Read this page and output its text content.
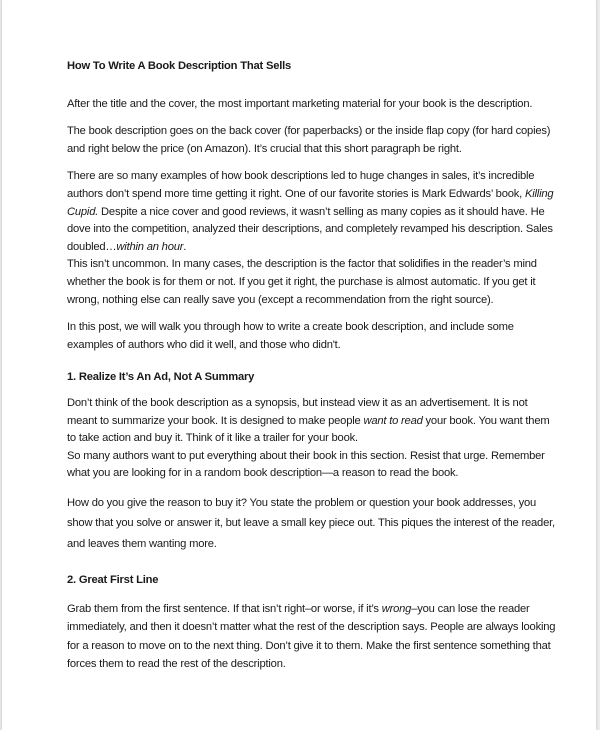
How To Write A Book Description That Sells

After the title and the cover, the most important marketing material for your book is the description.

The book description goes on the back cover (for paperbacks) or the inside flap copy (for hard copies) and right below the price (on Amazon). It’s crucial that this short paragraph be right.

There are so many examples of how book descriptions led to huge changes in sales, it’s incredible authors don’t spend more time getting it right. One of our favorite stories is Mark Edwards’ book, Killing Cupid. Despite a nice cover and good reviews, it wasn’t selling as many copies as it should have. He dove into the competition, analyzed their descriptions, and completely revamped his description. Sales doubled…within an hour.

This isn’t uncommon. In many cases, the description is the factor that solidifies in the reader’s mind whether the book is for them or not. If you get it right, the purchase is almost automatic. If you get it wrong, nothing else can really save you (except a recommendation from the right source).

In this post, we will walk you through how to write a create book description, and include some examples of authors who did it well, and those who didn't.

1. Realize It’s An Ad, Not A Summary

Don’t think of the book description as a synopsis, but instead view it as an advertisement. It is not meant to summarize your book. It is designed to make people want to read your book. You want them to take action and buy it. Think of it like a trailer for your book.

So many authors want to put everything about their book in this section. Resist that urge. Remember what you are looking for in a random book description—a reason to read the book.

How do you give the reason to buy it? You state the problem or question your book addresses, you show that you solve or answer it, but leave a small key piece out. This piques the interest of the reader, and leaves them wanting more.

2. Great First Line

Grab them from the first sentence. If that isn’t right–or worse, if it’s wrong–you can lose the reader immediately, and then it doesn’t matter what the rest of the description says. People are always looking for a reason to move on to the next thing. Don’t give it to them. Make the first sentence something that forces them to read the rest of the description.
